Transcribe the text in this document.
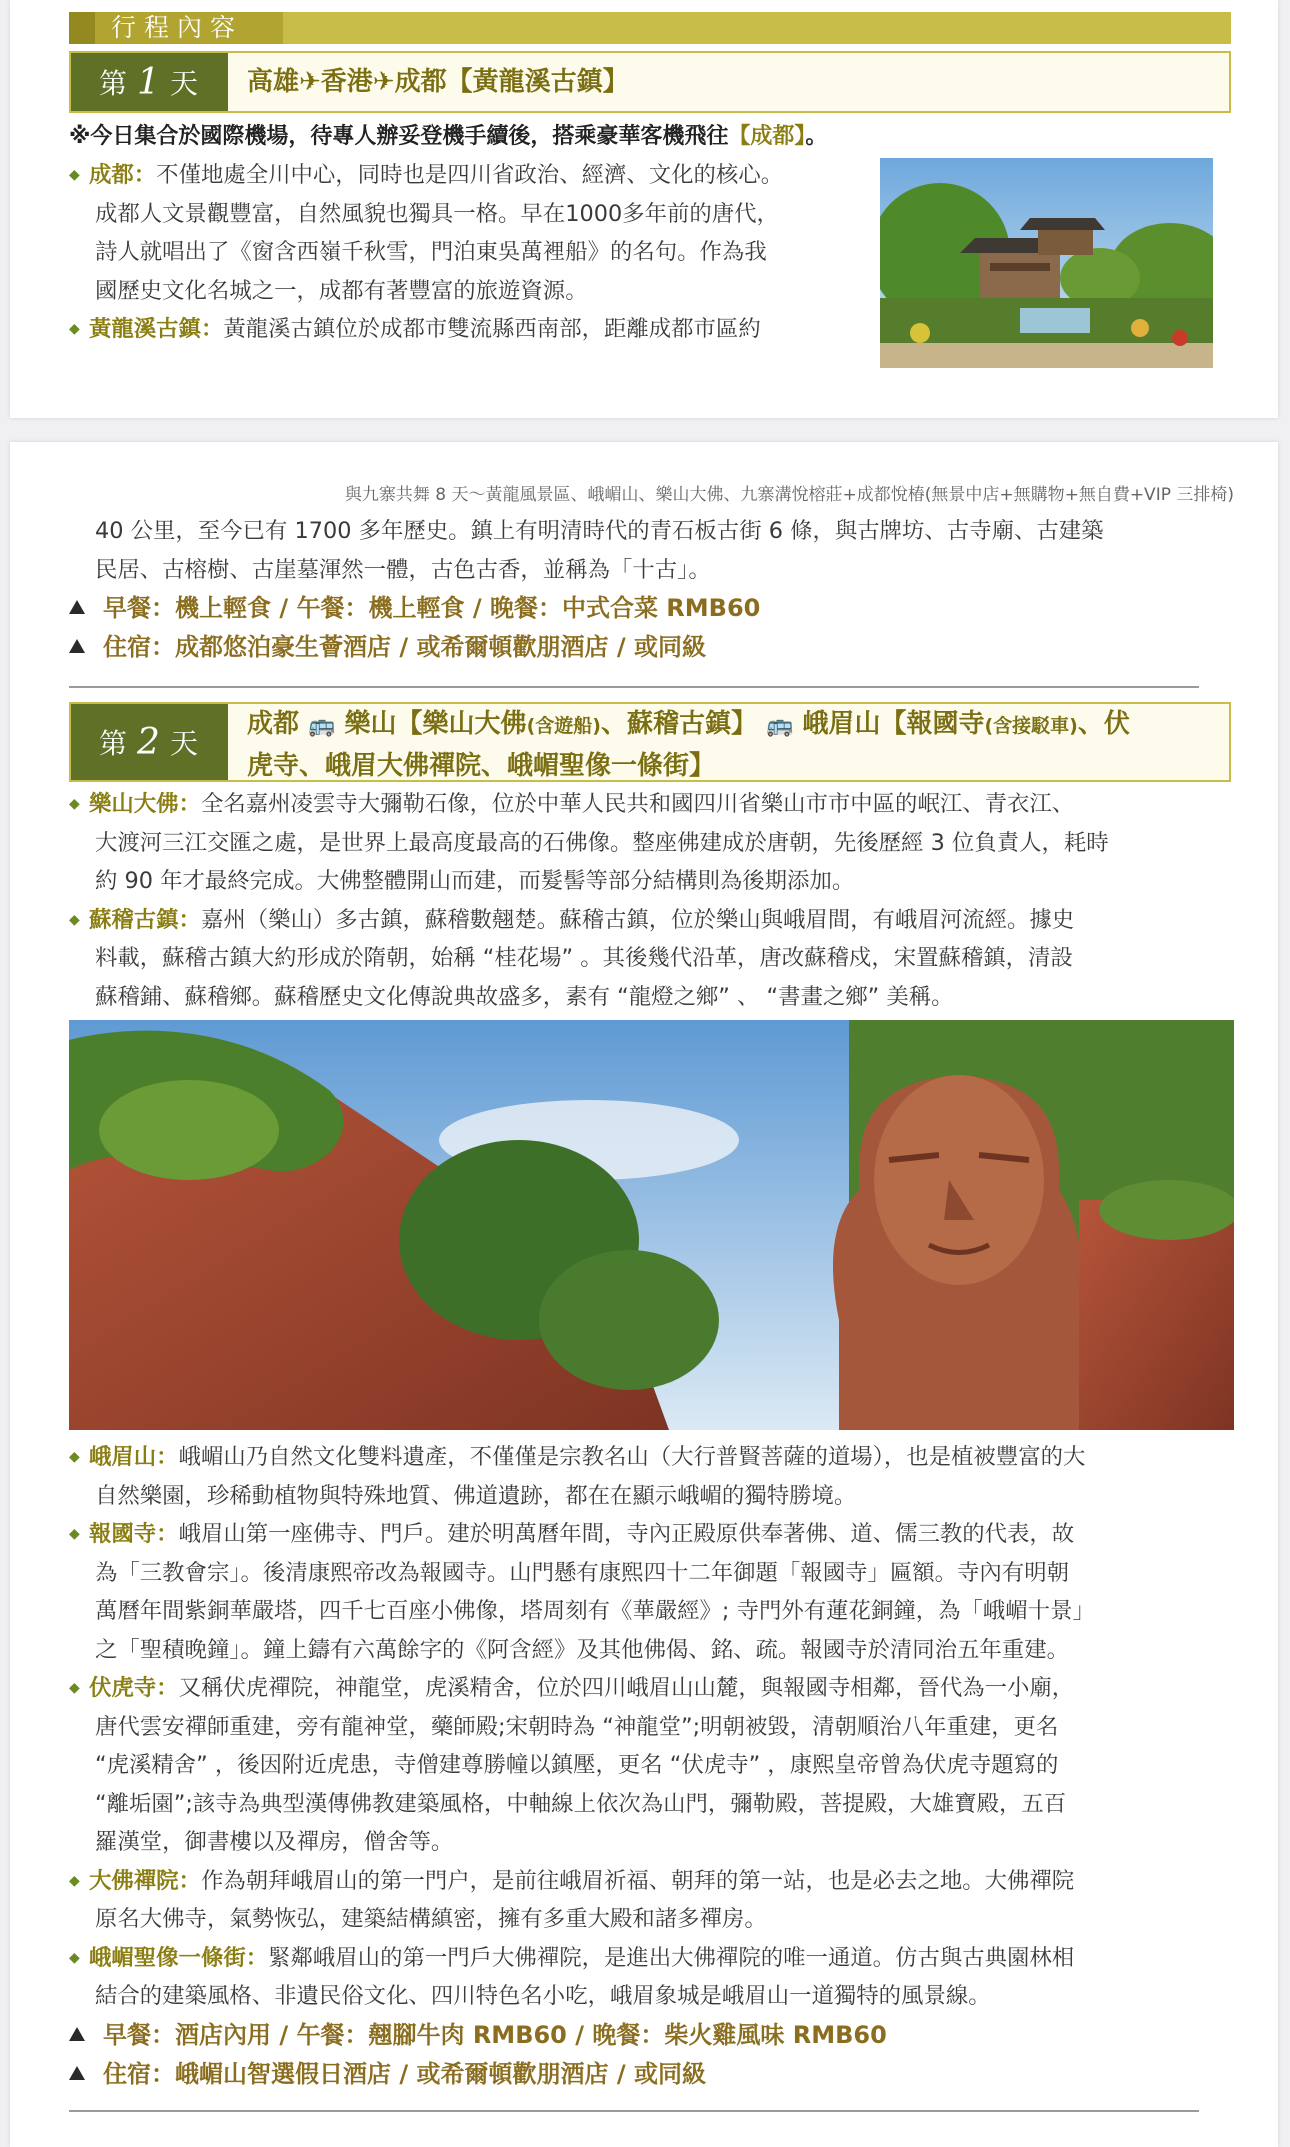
行程內容
第 1 天 高雄✈香港✈成都【黃龍溪古鎮】

※今日集合於國際機場，待專人辦妥登機手續後，搭乘豪華客機飛往【成都】。

◆ 成都：不僅地處全川中心，同時也是四川省政治、經濟、文化的核心。
成都人文景觀豐富，自然風貌也獨具一格。早在1000多年前的唐代，
詩人就唱出了《窗含西嶺千秋雪，門泊東吳萬裡船》的名句。作為我
國歷史文化名城之一，成都有著豐富的旅遊資源。

◆ 黃龍溪古鎮：黃龍溪古鎮位於成都市雙流縣西南部，距離成都市區約

與九寨共舞 8 天～黃龍風景區、峨嵋山、樂山大佛、九寨溝悅榕莊+成都悅椿(無景中店+無購物+無自費+VIP 三排椅)

40 公里，至今已有 1700 多年歷史。鎮上有明清時代的青石板古街 6 條，與古牌坊、古寺廟、古建築
民居、古榕樹、古崖墓渾然一體，古色古香，並稱為「十古」。

早餐：機上輕食 / 午餐：機上輕食 / 晚餐：中式合菜 RMB60

住宿：成都悠泊豪生薈酒店 / 或希爾頓歡朋酒店 / 或同級

第 2 天
成都 🚌 樂山【樂山大佛(含遊船)、蘇稽古鎮】 🚌 峨眉山【報國寺(含接駁車)、伏
虎寺、峨眉大佛禪院、峨嵋聖像一條街】

◆ 樂山大佛：全名嘉州凌雲寺大彌勒石像，位於中華人民共和國四川省樂山市市中區的岷江、青衣江、
大渡河三江交匯之處，是世界上最高度最高的石佛像。整座佛建成於唐朝，先後歷經 3 位負責人，耗時
約 90 年才最終完成。大佛整體開山而建，而髮髻等部分結構則為後期添加。

◆ 蘇稽古鎮：嘉州（樂山）多古鎮，蘇稽數翹楚。蘇稽古鎮，位於樂山與峨眉間，有峨眉河流經。據史
料載，蘇稽古鎮大約形成於隋朝，始稱 “桂花場” 。其後幾代沿革，唐改蘇稽戍，宋置蘇稽鎮，清設
蘇稽鋪、蘇稽鄉。蘇稽歷史文化傳說典故盛多，素有 “龍燈之鄉” 、 “書畫之鄉” 美稱。

◆ 峨眉山：峨嵋山乃自然文化雙料遺產，不僅僅是宗教名山（大行普賢菩薩的道場），也是植被豐富的大
自然樂園，珍稀動植物與特殊地質、佛道遺跡，都在在顯示峨嵋的獨特勝境。

◆ 報國寺：峨眉山第一座佛寺、門戶。建於明萬曆年間，寺內正殿原供奉著佛、道、儒三教的代表，故
為「三教會宗」。後清康熙帝改為報國寺。山門懸有康熙四十二年御題「報國寺」匾額。寺內有明朝
萬曆年間紫銅華嚴塔，四千七百座小佛像，塔周刻有《華嚴經》; 寺門外有蓮花銅鐘，為「峨嵋十景」
之「聖積晚鐘」。鐘上鑄有六萬餘字的《阿含經》及其他佛偈、銘、疏。報國寺於清同治五年重建。

◆ 伏虎寺：又稱伏虎禪院，神龍堂，虎溪精舍，位於四川峨眉山山麓，與報國寺相鄰，晉代為一小廟，
唐代雲安禪師重建，旁有龍神堂，藥師殿;宋朝時為 “神龍堂”;明朝被毀，清朝順治八年重建，更名
“虎溪精舍” ，後因附近虎患，寺僧建尊勝幢以鎮壓，更名 “伏虎寺” ，康熙皇帝曾為伏虎寺題寫的
“離垢園”;該寺為典型漢傳佛教建築風格，中軸線上依次為山門，彌勒殿，菩提殿，大雄寶殿，五百
羅漢堂，御書樓以及禪房，僧舍等。

◆ 大佛禪院：作為朝拜峨眉山的第一門户，是前往峨眉祈福、朝拜的第一站，也是必去之地。大佛禪院
原名大佛寺，氣勢恢弘，建築結構縝密，擁有多重大殿和諸多禪房。

◆ 峨嵋聖像一條街：緊鄰峨眉山的第一門戶大佛禪院，是進出大佛禪院的唯一通道。仿古與古典園林相
結合的建築風格、非遺民俗文化、四川特色名小吃，峨眉象城是峨眉山一道獨特的風景線。

早餐：酒店內用 / 午餐：翹腳牛肉 RMB60 / 晚餐：柴火雞風味 RMB60

住宿：峨嵋山智選假日酒店 / 或希爾頓歡朋酒店 / 或同級
